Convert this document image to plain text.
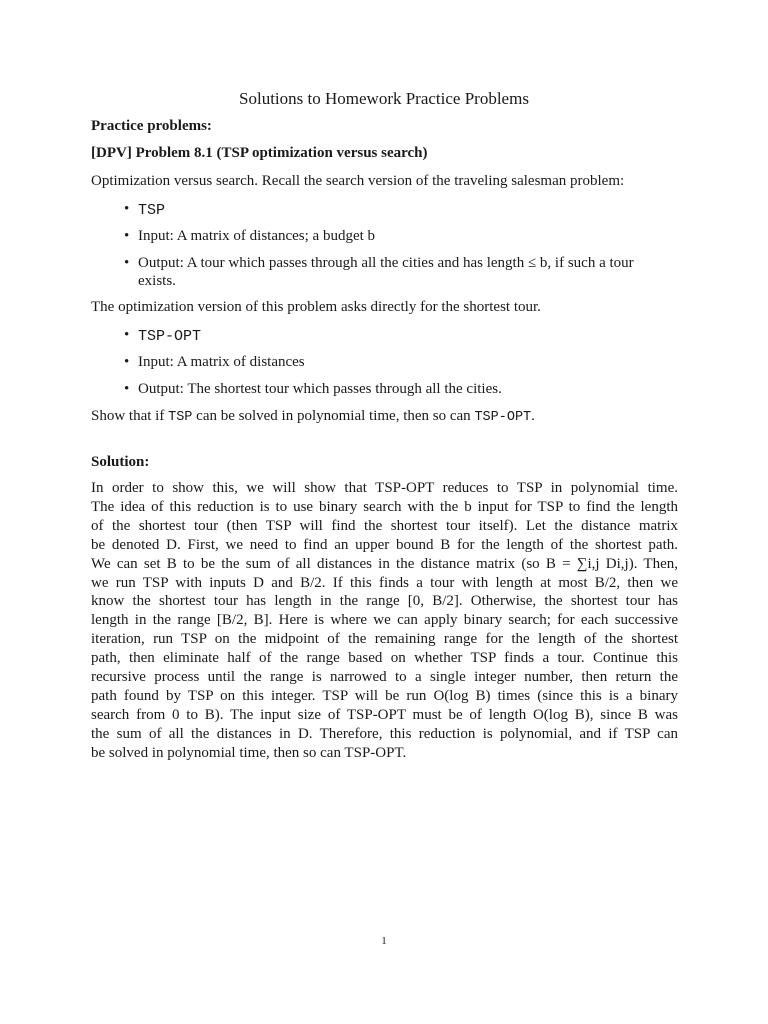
Solutions to Homework Practice Problems
Practice problems:
[DPV] Problem 8.1 (TSP optimization versus search)
Optimization versus search. Recall the search version of the traveling salesman problem:
• TSP
• Input: A matrix of distances; a budget b
• Output: A tour which passes through all the cities and has length ≤ b, if such a tour
exists.
The optimization version of this problem asks directly for the shortest tour.
• TSP-OPT
• Input: A matrix of distances
• Output: The shortest tour which passes through all the cities.
Show that if TSP can be solved in polynomial time, then so can TSP-OPT.
Solution:
In order to show this, we will show that TSP-OPT reduces to TSP in polynomial time.
The idea of this reduction is to use binary search with the b input for TSP to find the length
of the shortest tour (then TSP will find the shortest tour itself). Let the distance matrix
be denoted D. First, we need to find an upper bound B for the length of the shortest path.
We can set B to be the sum of all distances in the distance matrix (so B = ∑i,j Di,j). Then,
we run TSP with inputs D and B/2. If this finds a tour with length at most B/2, then we
know the shortest tour has length in the range [0, B/2]. Otherwise, the shortest tour has
length in the range [B/2, B]. Here is where we can apply binary search; for each successive
iteration, run TSP on the midpoint of the remaining range for the length of the shortest
path, then eliminate half of the range based on whether TSP finds a tour. Continue this
recursive process until the range is narrowed to a single integer number, then return the
path found by TSP on this integer. TSP will be run O(log B) times (since this is a binary
search from 0 to B). The input size of TSP-OPT must be of length O(log B), since B was
the sum of all the distances in D. Therefore, this reduction is polynomial, and if TSP can
be solved in polynomial time, then so can TSP-OPT.
1
